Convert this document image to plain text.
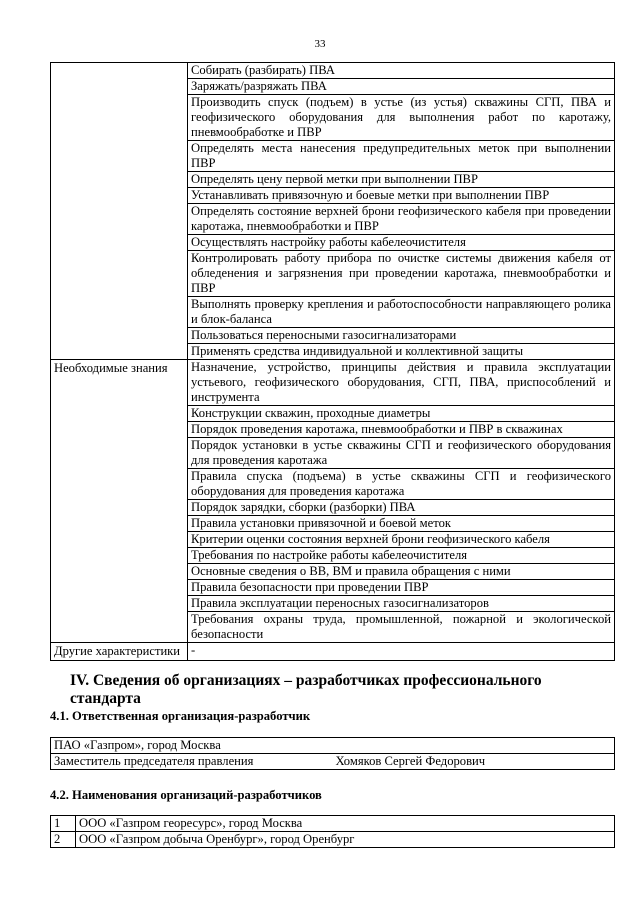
33
	Собирать (разбирать) ПВА
	Заряжать/разряжать ПВА
	Производить спуск (подъем) в устье (из устья) скважины СГП, ПВА и геофизического оборудования для выполнения работ по каротажу, пневмообработке и ПВР
	Определять места нанесения предупредительных меток при выполнении ПВР
	Определять цену первой метки при выполнении ПВР
	Устанавливать привязочную и боевые метки при выполнении ПВР
	Определять состояние верхней брони геофизического кабеля при проведении каротажа, пневмообработки и ПВР
	Осуществлять настройку работы кабелеочистителя
	Контролировать работу прибора по очистке системы движения кабеля от обледенения и загрязнения при проведении каротажа, пневмообработки и ПВР
	Выполнять проверку крепления и работоспособности направляющего ролика и блок-баланса
	Пользоваться переносными газосигнализаторами
	Применять средства индивидуальной и коллективной защиты
Необходимые знания	Назначение, устройство, принципы действия и правила эксплуатации устьевого, геофизического оборудования, СГП, ПВА, приспособлений и инструмента
	Конструкции скважин, проходные диаметры
	Порядок проведения каротажа, пневмообработки и ПВР в скважинах
	Порядок установки в устье скважины СГП и геофизического оборудования для проведения каротажа
	Правила спуска (подъема) в устье скважины СГП и геофизического оборудования для проведения каротажа
	Порядок зарядки, сборки (разборки) ПВА
	Правила установки привязочной и боевой меток
	Критерии оценки состояния верхней брони геофизического кабеля
	Требования по настройке работы кабелеочистителя
	Основные сведения о ВВ, ВМ и правила обращения с ними
	Правила безопасности при проведении ПВР
	Правила эксплуатации переносных газосигнализаторов
	Требования охраны труда, промышленной, пожарной и экологической безопасности
Другие характеристики	-
IV. Сведения об организациях – разработчиках профессионального стандарта
4.1. Ответственная организация-разработчик
ПАО «Газпром», город Москва
Заместитель председателя правления	Хомяков Сергей Федорович
4.2. Наименования организаций-разработчиков
1	ООО «Газпром георесурс», город Москва
2	ООО «Газпром добыча Оренбург», город Оренбург
